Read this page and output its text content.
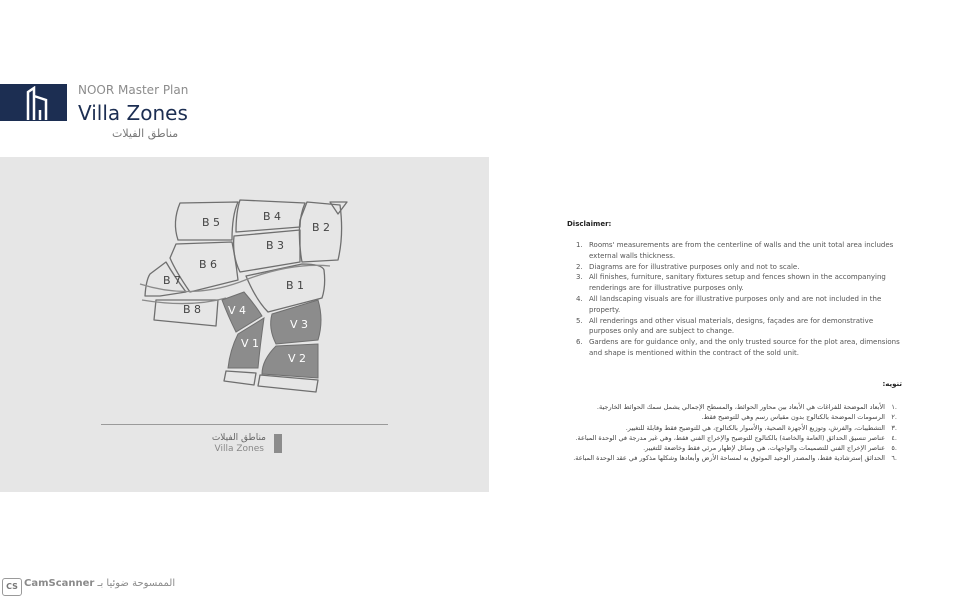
NOOR Master Plan
Villa Zones
مناطق الفيلات
B 5	B 4
B 2
B 3
B 6
B 7	B 1
B 8 V 4
V 3
V 1
V 2
مناطق الفيلات
Villa Zones
Disclaimer:
1. Rooms' measurements are from the centerline of walls and the unit total area includes external walls thickness.
2. Diagrams are for illustrative purposes only and not to scale.
3. All finishes, furniture, sanitary fixtures setup and fences shown in the accompanying renderings are for illustrative purposes only.
4. All landscaping visuals are for illustrative purposes only and are not included in the property.
5. All renderings and other visual materials, designs, façades are for demonstrative purposes only and are subject to change.
6. Gardens are for guidance only, and the only trusted source for the plot area, dimensions and shape is mentioned within the contract of the sold unit.
تنويه:
.١
الأبعاد الموضحة للفراغات هي الأبعاد بين محاور الحوائط، والمسطح الإجمالي يشمل سمك الحوائط الخارجية.
.٢
الرسومات الموضحة بالكتالوج بدون مقياس رسم وهي للتوضيح فقط.
.٣
التشطيبات، والفرش، وتوزيع الأجهزة الصحية، والأسوار بالكتالوج، هي للتوضيح فقط وقابلة للتغيير.
.٤
عناصر تنسيق الحدائق (العامة والخاصة) بالكتالوج للتوضيح والإخراج الفني فقط، وهي غير مدرجة في الوحدة المباعة.
.٥
عناصر الإخراج الفني للتصميمات والواجهات، هي وسائل لإظهار مرئي فقط وخاضعة للتغيير.
.٦
الحدائق إسترشادية فقط، والمصدر الوحيد الموثوق به لمساحة الأرض وأبعادها وشكلها مذكور في عقد الوحدة المباعة.
CS CamScanner الممسوحة ضوئيا بـ
